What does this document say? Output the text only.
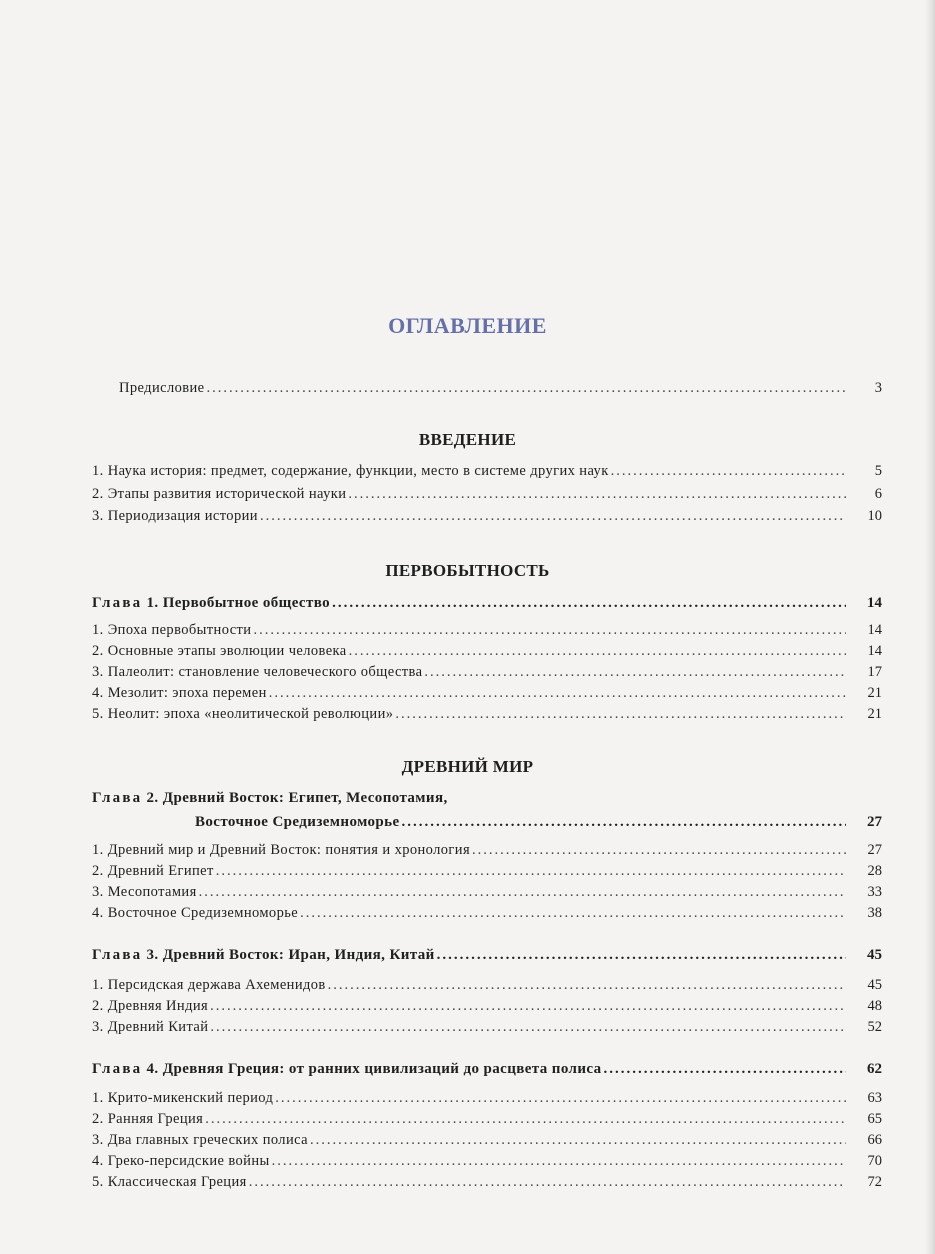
ОГЛАВЛЕНИЕ
Предисловие .....	3
ВВЕДЕНИЕ
1. Наука история: предмет, содержание, функции, место в системе других наук .....	5
2. Этапы развития исторической науки .....	6
3. Периодизация истории .....	10
ПЕРВОБЫТНОСТЬ
Глава 1. Первобытное общество .....	14
1. Эпоха первобытности .....	14
2. Основные этапы эволюции человека .....	14
3. Палеолит: становление человеческого общества .....	17
4. Мезолит: эпоха перемен .....	21
5. Неолит: эпоха «неолитической революции» .....	21
ДРЕВНИЙ МИР
Глава 2. Древний Восток: Египет, Месопотамия,
Восточное Средиземноморье .....	27
1. Древний мир и Древний Восток: понятия и хронология .....	27
2. Древний Египет .....	28
3. Месопотамия .....	33
4. Восточное Средиземноморье .....	38
Глава 3. Древний Восток: Иран, Индия, Китай .....	45
1. Персидская держава Ахеменидов .....	45
2. Древняя Индия .....	48
3. Древний Китай .....	52
Глава 4. Древняя Греция: от ранних цивилизаций до расцвета полиса .....	62
1. Крито-микенский период .....	63
2. Ранняя Греция .....	65
3. Два главных греческих полиса .....	66
4. Греко-персидские войны .....	70
5. Классическая Греция .....	72
